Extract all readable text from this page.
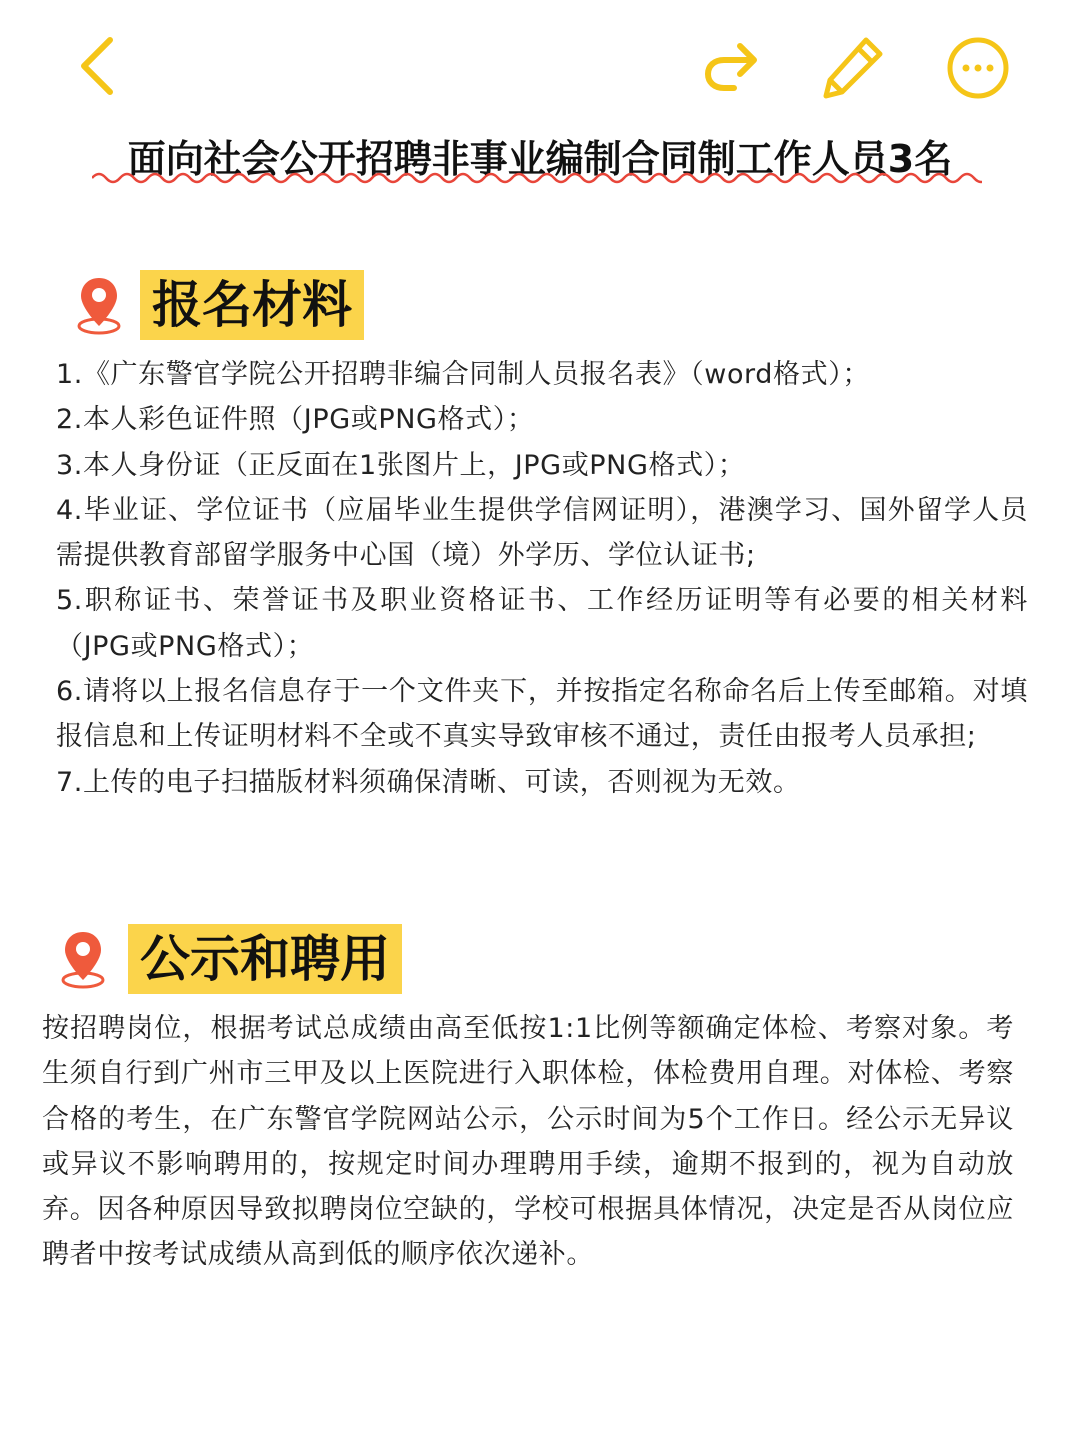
面向社会公开招聘非事业编制合同制工作人员3名
报名材料
1.《广东警官学院公开招聘非编合同制人员报名表》（word格式）；
2.本人彩色证件照（JPG或PNG格式）；
3.本人身份证（正反面在1张图片上，JPG或PNG格式）；
4.毕业证、学位证书（应届毕业生提供学信网证明），港澳学习、国外留学人员需提供教育部留学服务中心国（境）外学历、学位认证书;
5.职称证书、荣誉证书及职业资格证书、工作经历证明等有必要的相关材料（JPG或PNG格式）；
6.请将以上报名信息存于一个文件夹下，并按指定名称命名后上传至邮箱。对填报信息和上传证明材料不全或不真实导致审核不通过，责任由报考人员承担;
7.上传的电子扫描版材料须确保清晰、可读，否则视为无效。
公示和聘用

按招聘岗位，根据考试总成绩由高至低按1:1比例等额确定体检、考察对象。考生须自行到广州市三甲及以上医院进行入职体检，体检费用自理。对体检、考察合格的考生，在广东警官学院网站公示，公示时间为5个工作日。经公示无异议或异议不影响聘用的，按规定时间办理聘用手续，逾期不报到的，视为自动放弃。因各种原因导致拟聘岗位空缺的，学校可根据具体情况，决定是否从岗位应聘者中按考试成绩从高到低的顺序依次递补。
